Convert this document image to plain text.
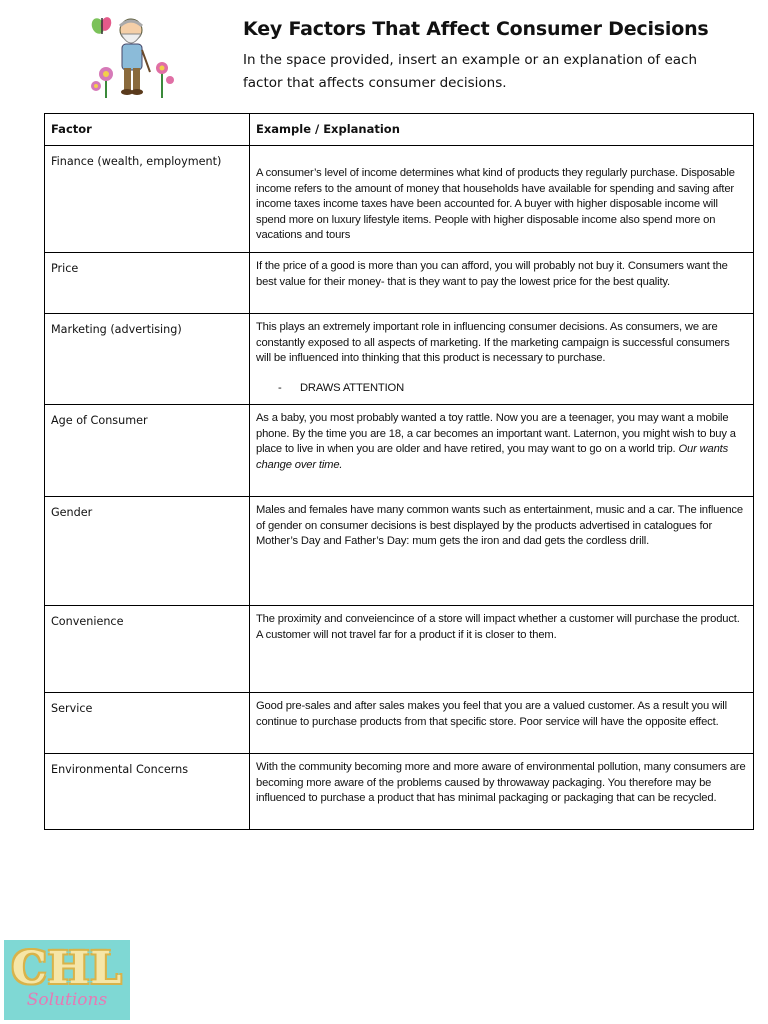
Key Factors That Affect Consumer Decisions

In the space provided, insert an example or an explanation of each factor that affects consumer decisions.

Factor	Example / Explanation
Finance (wealth, employment)	A consumer’s level of income determines what kind of products they regularly purchase. Disposable income refers to the amount of money that households have available for spending and saving after income taxes income taxes have been accounted for. A buyer with higher disposable income will spend more on luxury lifestyle items. People with higher disposable income also spend more on vacations and tours
Price	If the price of a good is more than you can afford, you will probably not buy it. Consumers want the best value for their money- that is they want to pay the lowest price for the best quality.
Marketing (advertising)	This plays an extremely important role in influencing consumer decisions. As consumers, we are constantly exposed to all aspects of marketing. If the marketing campaign is successful consumers will be influenced into thinking that this product is necessary to purchase.
- DRAWS ATTENTION

Age of Consumer	As a baby, you most probably wanted a toy rattle. Now you are a teenager, you may want a mobile phone. By the time you are 18, a car becomes an important want. Laternon, you might wish to buy a place to live in when you are older and have retired, you may want to go on a world trip. Our wants change over time.
Gender	Males and females have many common wants such as entertainment, music and a car. The influence of gender on consumer decisions is best displayed by the products advertised in catalogues for Mother’s Day and Father’s Day: mum gets the iron and dad gets the cordless drill.
Convenience	The proximity and conveiencince of a store will impact whether a customer will purchase the product. A customer will not travel far for a product if it is closer to them.
Service	Good pre-sales and after sales makes you feel that you are a valued customer. As a result you will continue to purchase products from that specific store. Poor service will have the opposite effect.
Environmental Concerns	With the community becoming more and more aware of environmental pollution, many consumers are becoming more aware of the problems caused by throwaway packaging. You therefore may be influenced to purchase a product that has minimal packaging or packaging that can be recycled.
CHL
Solutions
